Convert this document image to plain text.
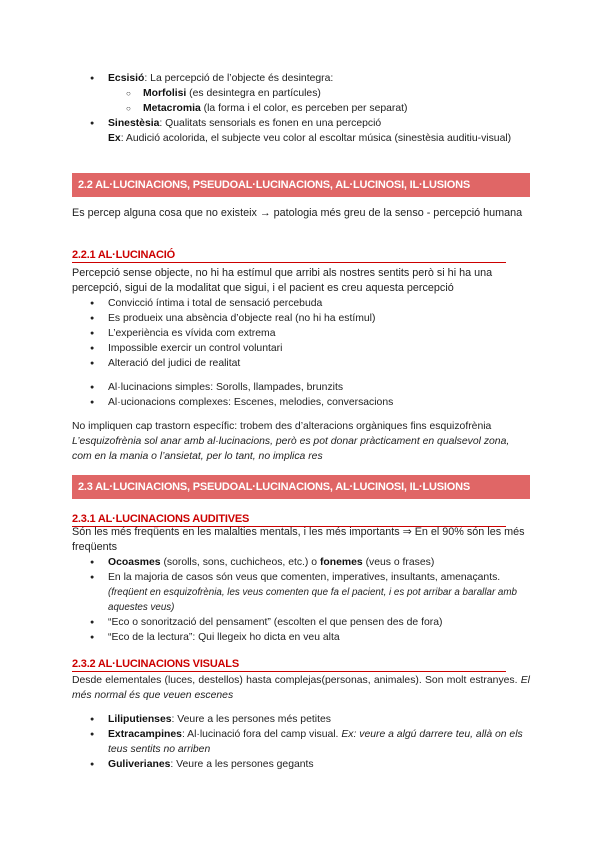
● Ecsisió: La percepció de l’objecte és desintegra:
○ Morfolisi (es desintegra en partícules)
○ Metacromia (la forma i el color, es perceben per separat)
● Sinestèsia: Qualitats sensorials es fonen en una percepció
Ex: Audició acolorida, el subjecte veu color al escoltar música (sinestèsia auditiu-visual)
2.2 AL·LUCINACIONS, PSEUDOAL·LUCINACIONS, AL·LUCINOSI, IL·LUSIONS

Es percep alguna cosa que no existeix → patologia més greu de la senso - percepció humana

2.2.1 AL·LUCINACIÓ

Percepció sense objecte, no hi ha estímul que arribi als nostres sentits però si hi ha una percepció, sigui de la modalitat que sigui, i el pacient es creu aquesta percepció

● Convicció íntima i total de sensació percebuda
● Es produeix una absència d’objecte real (no hi ha estímul)
● L’experiència es vívida com extrema
● Impossible exercir un control voluntari
● Alteració del judici de realitat
● Al·lucinacions simples: Sorolls, llampades, brunzits
● Al·ucionacions complexes: Escenes, melodies, conversacions

No impliquen cap trastorn específic: trobem des d’alteracions orgàniques fins esquizofrènia

L’esquizofrènia sol anar amb al·lucinacions, però es pot donar pràcticament en qualsevol zona, com en la mania o l’ansietat, per lo tant, no implica res

2.3 AL·LUCINACIONS, PSEUDOAL·LUCINACIONS, AL·LUCINOSI, IL·LUSIONS
2.3.1 AL·LUCINACIONS AUDITIVES

Són les més freqüents en les malalties mentals, i les més importants ⇒ En el 90% són les més freqüents

● Ocoasmes (sorolls, sons, cuchicheos, etc.) o fonemes (veus o frases)
● En la majoria de casos són veus que comenten, imperatives, insultants, amenaçants. (freqüent en esquizofrènia, les veus comenten que fa el pacient, i es pot arribar a barallar amb aquestes veus)
● “Eco o sonorització del pensament” (escolten el que pensen des de fora)
● “Eco de la lectura”: Qui llegeix ho dicta en veu alta
2.3.2 AL·LUCINACIONS VISUALS

Desde elementales (luces, destellos) hasta complejas(personas, animales). Son molt estranyes. El més normal és que veuen escenes

● Liliputienses: Veure a les persones més petites
● Extracampines: Al·lucinació fora del camp visual. Ex: veure a algú darrere teu, allà on els teus sentits no arriben
● Guliverianes: Veure a les persones gegants
